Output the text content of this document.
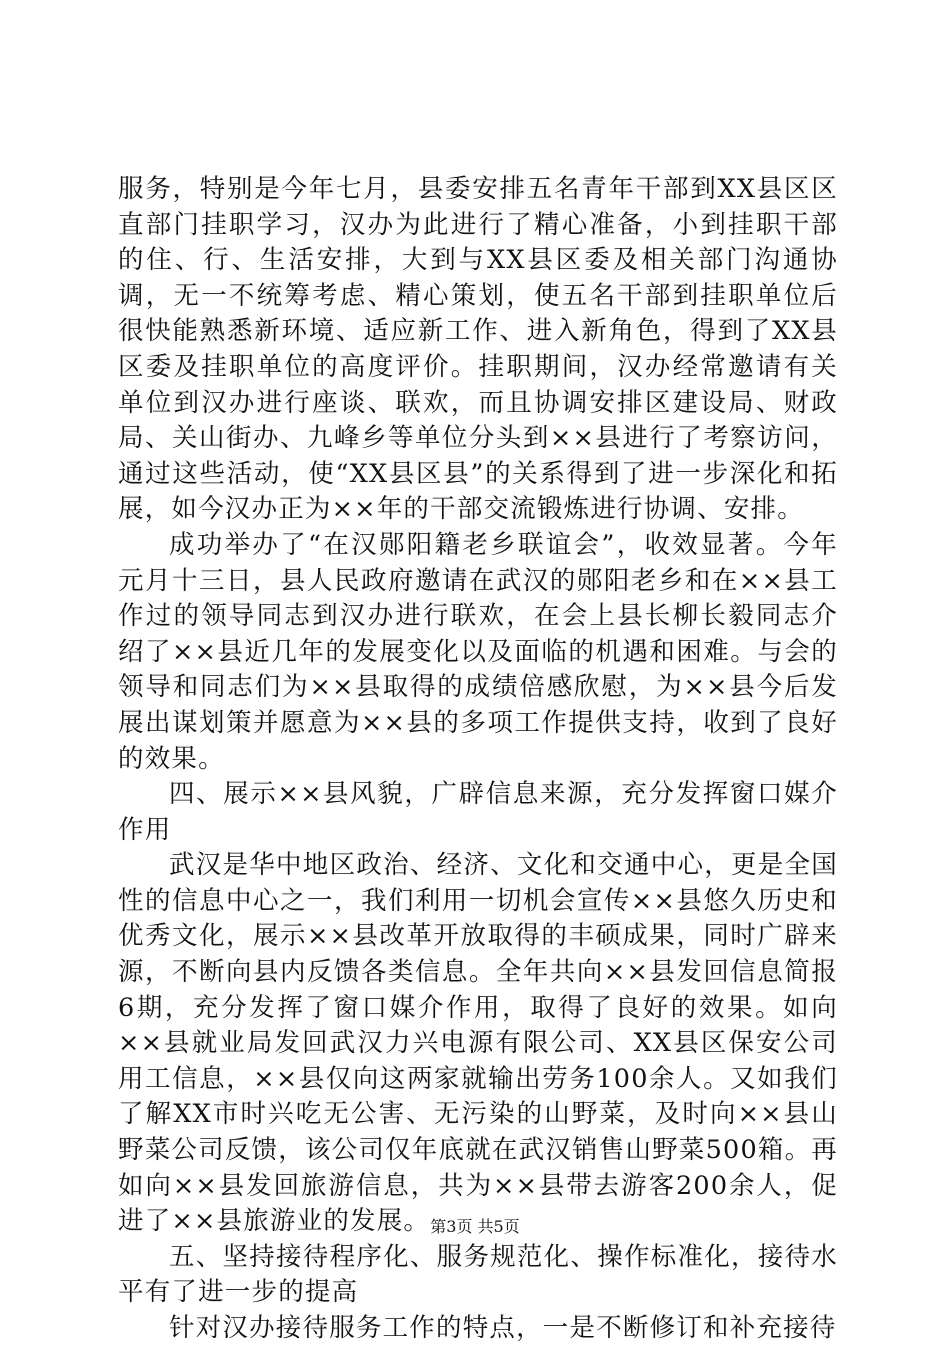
服务，特别是今年七月，县委安排五名青年干部到XX县区区直部门挂职学习，汉办为此进行了精心准备，小到挂职干部的住、行、生活安排，大到与XX县区委及相关部门沟通协调，无一不统筹考虑、精心策划，使五名干部到挂职单位后很快能熟悉新环境、适应新工作、进入新角色，得到了XX县区委及挂职单位的高度评价。挂职期间，汉办经常邀请有关单位到汉办进行座谈、联欢，而且协调安排区建设局、财政局、关山街办、九峰乡等单位分头到××县进行了考察访问，通过这些活动，使“XX县区县”的关系得到了进一步深化和拓展，如今汉办正为××年的干部交流锻炼进行协调、安排。

成功举办了“在汉郧阳籍老乡联谊会”，收效显著。今年元月十三日，县人民政府邀请在武汉的郧阳老乡和在××县工作过的领导同志到汉办进行联欢，在会上县长柳长毅同志介绍了××县近几年的发展变化以及面临的机遇和困难。与会的领导和同志们为××县取得的成绩倍感欣慰，为××县今后发展出谋划策并愿意为××县的多项工作提供支持，收到了良好的效果。

四、展示××县风貌，广辟信息来源，充分发挥窗口媒介作用

武汉是华中地区政治、经济、文化和交通中心，更是全国性的信息中心之一，我们利用一切机会宣传××县悠久历史和优秀文化，展示××县改革开放取得的丰硕成果，同时广辟来源，不断向县内反馈各类信息。全年共向××县发回信息简报6期，充分发挥了窗口媒介作用，取得了良好的效果。如向××县就业局发回武汉力兴电源有限公司、XX县区保安公司用工信息，××县仅向这两家就输出劳务100余人。又如我们了解XX市时兴吃无公害、无污染的山野菜，及时向××县山野菜公司反馈，该公司仅年底就在武汉销售山野菜500箱。再如向××县发回旅游信息，共为××县带去游客200余人，促进了××县旅游业的发展。

五、坚持接待程序化、服务规范化、操作标准化，接待水平有了进一步的提高

针对汉办接待服务工作的特点，一是不断修订和补充接待

第3页 共5页
